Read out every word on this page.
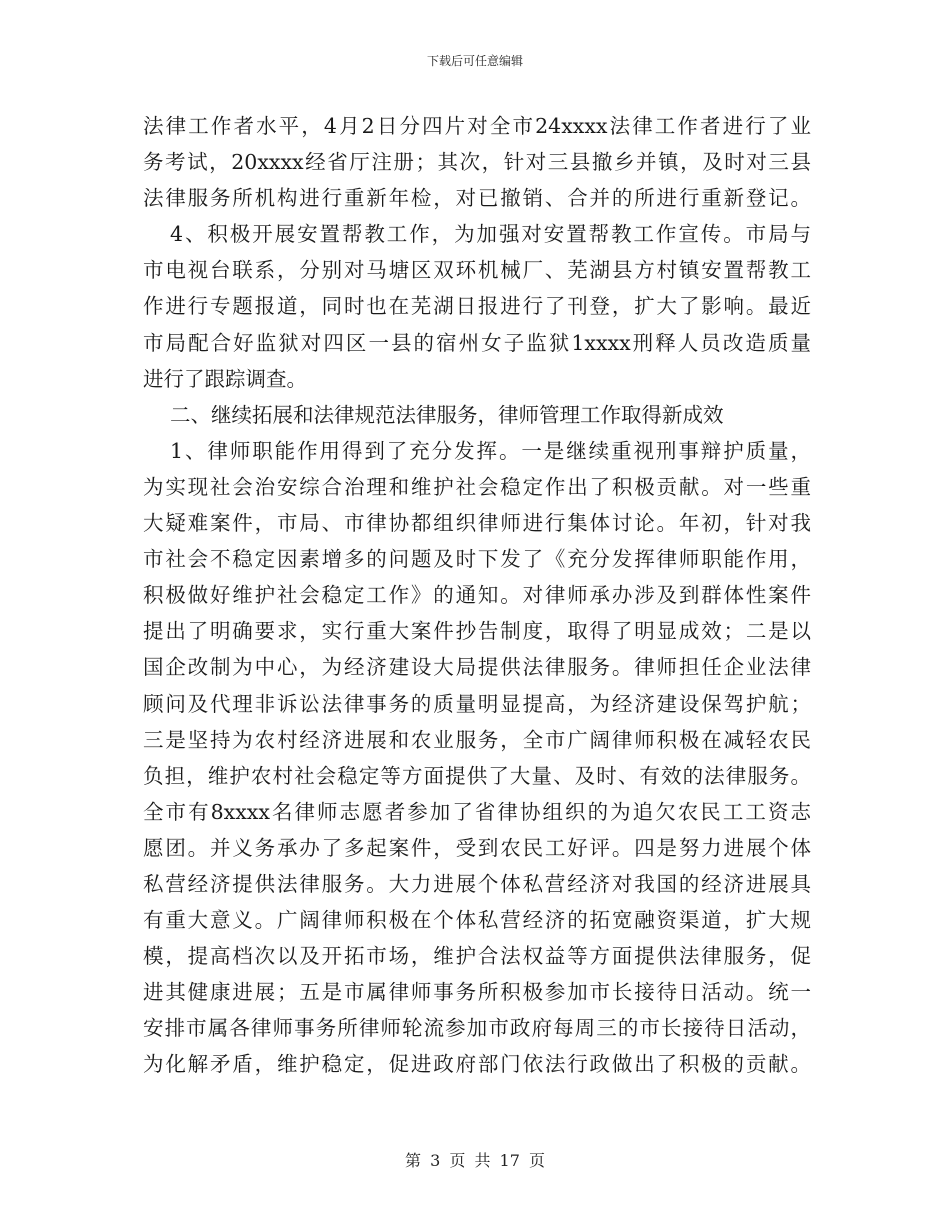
下载后可任意编辑
法律工作者水平，4月2日分四片对全市24xxxx法律工作者进行了业
务考试，20xxxx经省厅注册；其次，针对三县撤乡并镇，及时对三县
法律服务所机构进行重新年检，对已撤销、合并的所进行重新登记。
4、积极开展安置帮教工作，为加强对安置帮教工作宣传。市局与
市电视台联系，分别对马塘区双环机械厂、芜湖县方村镇安置帮教工
作进行专题报道，同时也在芜湖日报进行了刊登，扩大了影响。最近
市局配合好监狱对四区一县的宿州女子监狱1xxxx刑释人员改造质量
进行了跟踪调查。
二、继续拓展和法律规范法律服务，律师管理工作取得新成效
1、律师职能作用得到了充分发挥。一是继续重视刑事辩护质量，
为实现社会治安综合治理和维护社会稳定作出了积极贡献。对一些重
大疑难案件，市局、市律协都组织律师进行集体讨论。年初，针对我
市社会不稳定因素增多的问题及时下发了《充分发挥律师职能作用，
积极做好维护社会稳定工作》的通知。对律师承办涉及到群体性案件
提出了明确要求，实行重大案件抄告制度，取得了明显成效；二是以
国企改制为中心，为经济建设大局提供法律服务。律师担任企业法律
顾问及代理非诉讼法律事务的质量明显提高，为经济建设保驾护航；
三是坚持为农村经济进展和农业服务，全市广阔律师积极在减轻农民
负担，维护农村社会稳定等方面提供了大量、及时、有效的法律服务。
全市有8xxxx名律师志愿者参加了省律协组织的为追欠农民工工资志
愿团。并义务承办了多起案件，受到农民工好评。四是努力进展个体
私营经济提供法律服务。大力进展个体私营经济对我国的经济进展具
有重大意义。广阔律师积极在个体私营经济的拓宽融资渠道，扩大规
模，提高档次以及开拓市场，维护合法权益等方面提供法律服务，促
进其健康进展；五是市属律师事务所积极参加市长接待日活动。统一
安排市属各律师事务所律师轮流参加市政府每周三的市长接待日活动，
为化解矛盾，维护稳定，促进政府部门依法行政做出了积极的贡献。
第 3 页 共 17 页
